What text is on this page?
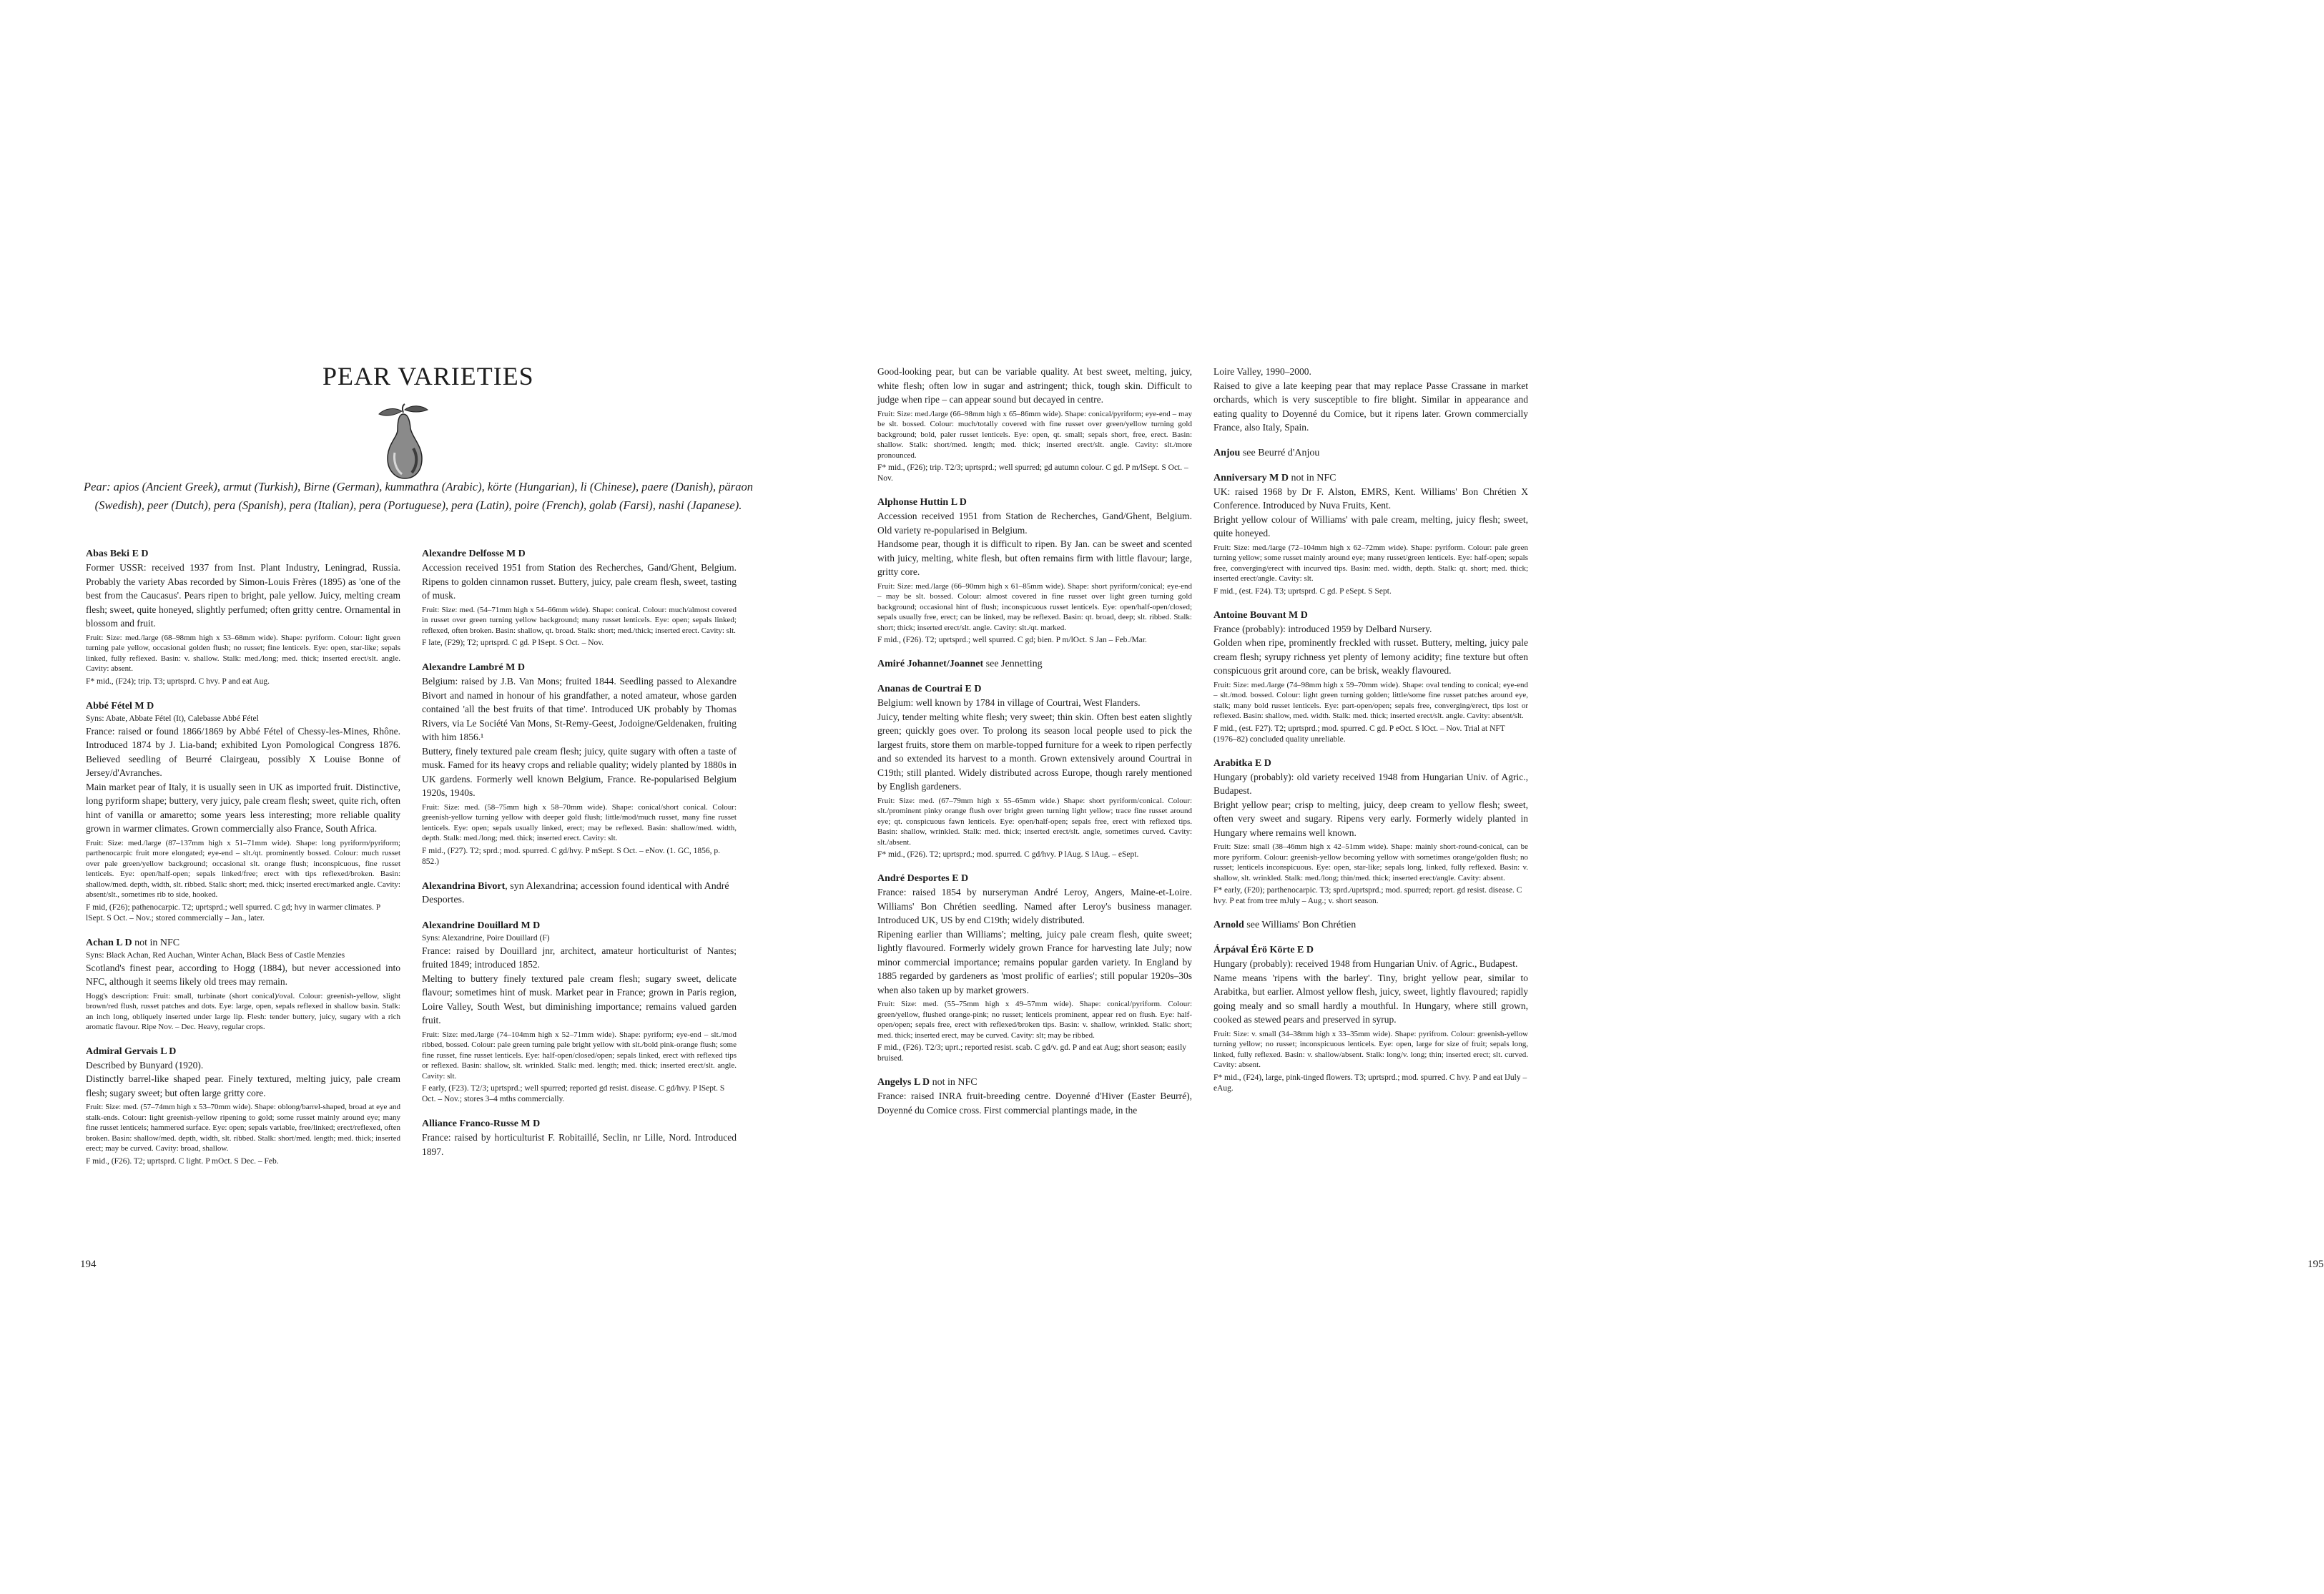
PEAR VARIETIES

Pear: apios (Ancient Greek), armut (Turkish), Birne (German), kummathra (Arabic), körte (Hungarian), li (Chinese), paere (Danish), päraon (Swedish), peer (Dutch), pera (Spanish), pera (Italian), pera (Portuguese), pera (Latin), poire (French), golab (Farsi), nashi (Japanese).

Abas Beki E D

Former USSR: received 1937 from Inst. Plant Industry, Leningrad, Russia. Probably the variety Abas recorded by Simon-Louis Frères (1895) as 'one of the best from the Caucasus'. Pears ripen to bright, pale yellow. Juicy, melting cream flesh; sweet, quite honeyed, slightly perfumed; often gritty centre. Ornamental in blossom and fruit.

Fruit: Size: med./large (68–98mm high x 53–68mm wide). Shape: pyriform. Colour: light green turning pale yellow, occasional golden flush; no russet; fine lenticels. Eye: open, star-like; sepals linked, fully reflexed. Basin: v. shallow. Stalk: med./long; med. thick; inserted erect/slt. angle. Cavity: absent.

F* mid., (F24); trip. T3; uprtsprd. C hvy. P and eat Aug.

Abbé Fétel M D

Syns: Abate, Abbate Fétel (It), Calebasse Abbé Fétel

France: raised or found 1866/1869 by Abbé Fétel of Chessy-les-Mines, Rhône. Introduced 1874 by J. Lia-band; exhibited Lyon Pomological Congress 1876. Believed seedling of Beurré Clairgeau, possibly X Louise Bonne of Jersey/d'Avranches.

Main market pear of Italy, it is usually seen in UK as imported fruit. Distinctive, long pyriform shape; buttery, very juicy, pale cream flesh; sweet, quite rich, often hint of vanilla or amaretto; some years less interesting; more reliable quality grown in warmer climates. Grown commercially also France, South Africa.

Fruit: Size: med./large (87–137mm high x 51–71mm wide). Shape: long pyriform/pyriform; parthenocarpic fruit more elongated; eye-end – slt./qt. prominently bossed. Colour: much russet over pale green/yellow background; occasional slt. orange flush; inconspicuous, fine russet lenticels. Eye: open/half-open; sepals linked/free; erect with tips reflexed/broken. Basin: shallow/med. depth, width, slt. ribbed. Stalk: short; med. thick; inserted erect/marked angle. Cavity: absent/slt., sometimes rib to side, hooked.

F mid, (F26); pathenocarpic. T2; uprtsprd.; well spurred. C gd; hvy in warmer climates. P lSept. S Oct. – Nov.; stored commercially – Jan., later.

Achan L D not in NFC

Syns: Black Achan, Red Auchan, Winter Achan, Black Bess of Castle Menzies

Scotland's finest pear, according to Hogg (1884), but never accessioned into NFC, although it seems likely old trees may remain.

Hogg's description: Fruit: small, turbinate (short conical)/oval. Colour: greenish-yellow, slight brown/red flush, russet patches and dots. Eye: large, open, sepals reflexed in shallow basin. Stalk: an inch long, obliquely inserted under large lip. Flesh: tender buttery, juicy, sugary with a rich aromatic flavour. Ripe Nov. – Dec. Heavy, regular crops.

Admiral Gervais L D

Described by Bunyard (1920).

Distinctly barrel-like shaped pear. Finely textured, melting juicy, pale cream flesh; sugary sweet; but often large gritty core.

Fruit: Size: med. (57–74mm high x 53–70mm wide). Shape: oblong/barrel-shaped, broad at eye and stalk-ends. Colour: light greenish-yellow ripening to gold; some russet mainly around eye; many fine russet lenticels; hammered surface. Eye: open; sepals variable, free/linked; erect/reflexed, often broken. Basin: shallow/med. depth, width, slt. ribbed. Stalk: short/med. length; med. thick; inserted erect; may be curved. Cavity: broad, shallow.

F mid., (F26). T2; uprtsprd. C light. P mOct. S Dec. – Feb.

Alexandre Delfosse M D

Accession received 1951 from Station des Recherches, Gand/Ghent, Belgium. Ripens to golden cinnamon russet. Buttery, juicy, pale cream flesh, sweet, tasting of musk.

Fruit: Size: med. (54–71mm high x 54–66mm wide). Shape: conical. Colour: much/almost covered in russet over green turning yellow background; many russet lenticels. Eye: open; sepals linked; reflexed, often broken. Basin: shallow, qt. broad. Stalk: short; med./thick; inserted erect. Cavity: slt.

F late, (F29); T2; uprtsprd. C gd. P lSept. S Oct. – Nov.

Alexandre Lambré M D

Belgium: raised by J.B. Van Mons; fruited 1844. Seedling passed to Alexandre Bivort and named in honour of his grandfather, a noted amateur, whose garden contained 'all the best fruits of that time'. Introduced UK probably by Thomas Rivers, via Le Société Van Mons, St-Remy-Geest, Jodoigne/Geldenaken, fruiting with him 1856.¹

Buttery, finely textured pale cream flesh; juicy, quite sugary with often a taste of musk. Famed for its heavy crops and reliable quality; widely planted by 1880s in UK gardens. Formerly well known Belgium, France. Re-popularised Belgium 1920s, 1940s.

Fruit: Size: med. (58–75mm high x 58–70mm wide). Shape: conical/short conical. Colour: greenish-yellow turning yellow with deeper gold flush; little/mod/much russet, many fine russet lenticels. Eye: open; sepals usually linked, erect; may be reflexed. Basin: shallow/med. width, depth. Stalk: med./long; med. thick; inserted erect. Cavity: slt.

F mid., (F27). T2; sprd.; mod. spurred. C gd/hvy. P mSept. S Oct. – eNov. (1. GC, 1856, p. 852.)

Alexandrina Bivort, syn Alexandrina; accession found identical with André Desportes.

Alexandrine Douillard M D

Syns: Alexandrine, Poire Douillard (F)

France: raised by Douillard jnr, architect, amateur horticulturist of Nantes; fruited 1849; introduced 1852.

Melting to buttery finely textured pale cream flesh; sugary sweet, delicate flavour; sometimes hint of musk. Market pear in France; grown in Paris region, Loire Valley, South West, but diminishing importance; remains valued garden fruit.

Fruit: Size: med./large (74–104mm high x 52–71mm wide). Shape: pyriform; eye-end – slt./mod ribbed, bossed. Colour: pale green turning pale bright yellow with slt./bold pink-orange flush; some fine russet, fine russet lenticels. Eye: half-open/closed/open; sepals linked, erect with reflexed tips or reflexed. Basin: shallow, slt. wrinkled. Stalk: med. length; med. thick; inserted erect/slt. angle. Cavity: slt.

F early, (F23). T2/3; uprtsprd.; well spurred; reported gd resist. disease. C gd/hvy. P lSept. S Oct. – Nov.; stores 3–4 mths commercially.

Alliance Franco-Russe M D

France: raised by horticulturist F. Robitaillé, Seclin, nr Lille, Nord. Introduced 1897.

194

Good-looking pear, but can be variable quality. At best sweet, melting, juicy, white flesh; often low in sugar and astringent; thick, tough skin. Difficult to judge when ripe – can appear sound but decayed in centre.

Fruit: Size: med./large (66–98mm high x 65–86mm wide). Shape: conical/pyriform; eye-end – may be slt. bossed. Colour: much/totally covered with fine russet over green/yellow turning gold background; bold, paler russet lenticels. Eye: open, qt. small; sepals short, free, erect. Basin: shallow. Stalk: short/med. length; med. thick; inserted erect/slt. angle. Cavity: slt./more pronounced.

F* mid., (F26); trip. T2/3; uprtsprd.; well spurred; gd autumn colour. C gd. P m/lSept. S Oct. – Nov.

Alphonse Huttin L D

Accession received 1951 from Station de Recherches, Gand/Ghent, Belgium. Old variety re-popularised in Belgium.

Handsome pear, though it is difficult to ripen. By Jan. can be sweet and scented with juicy, melting, white flesh, but often remains firm with little flavour; large, gritty core.

Fruit: Size: med./large (66–90mm high x 61–85mm wide). Shape: short pyriform/conical; eye-end – may be slt. bossed. Colour: almost covered in fine russet over light green turning gold background; occasional hint of flush; inconspicuous russet lenticels. Eye: open/half-open/closed; sepals usually free, erect; can be linked, may be reflexed. Basin: qt. broad, deep; slt. ribbed. Stalk: short; thick; inserted erect/slt. angle. Cavity: slt./qt. marked.

F mid., (F26). T2; uprtsprd.; well spurred. C gd; bien. P m/lOct. S Jan – Feb./Mar.

Amiré Johannet/Joannet see Jennetting

Ananas de Courtrai E D

Belgium: well known by 1784 in village of Courtrai, West Flanders.

Juicy, tender melting white flesh; very sweet; thin skin. Often best eaten slightly green; quickly goes over. To prolong its season local people used to pick the largest fruits, store them on marble-topped furniture for a week to ripen perfectly and so extended its harvest to a month. Grown extensively around Courtrai in C19th; still planted. Widely distributed across Europe, though rarely mentioned by English gardeners.

Fruit: Size: med. (67–79mm high x 55–65mm wide.) Shape: short pyriform/conical. Colour: slt./prominent pinky orange flush over bright green turning light yellow; trace fine russet around eye; qt. conspicuous fawn lenticels. Eye: open/half-open; sepals free, erect with reflexed tips. Basin: shallow, wrinkled. Stalk: med. thick; inserted erect/slt. angle, sometimes curved. Cavity: slt./absent.

F* mid., (F26). T2; uprtsprd.; mod. spurred. C gd/hvy. P lAug. S lAug. – eSept.

André Desportes E D

France: raised 1854 by nurseryman André Leroy, Angers, Maine-et-Loire. Williams' Bon Chrétien seedling. Named after Leroy's business manager. Introduced UK, US by end C19th; widely distributed.

Ripening earlier than Williams'; melting, juicy pale cream flesh, quite sweet; lightly flavoured. Formerly widely grown France for harvesting late July; now minor commercial importance; remains popular garden variety. In England by 1885 regarded by gardeners as 'most prolific of earlies'; still popular 1920s–30s when also taken up by market growers.

Fruit: Size: med. (55–75mm high x 49–57mm wide). Shape: conical/pyriform. Colour: green/yellow, flushed orange-pink; no russet; lenticels prominent, appear red on flush. Eye: half-open/open; sepals free, erect with reflexed/broken tips. Basin: v. shallow, wrinkled. Stalk: short; med. thick; inserted erect, may be curved. Cavity: slt; may be ribbed.

F mid., (F26). T2/3; uprt.; reported resist. scab. C gd/v. gd. P and eat Aug; short season; easily bruised.

Angelys L D not in NFC

France: raised INRA fruit-breeding centre. Doyenné d'Hiver (Easter Beurré), Doyenné du Comice cross. First commercial plantings made, in the

Loire Valley, 1990–2000.

Raised to give a late keeping pear that may replace Passe Crassane in market orchards, which is very susceptible to fire blight. Similar in appearance and eating quality to Doyenné du Comice, but it ripens later. Grown commercially France, also Italy, Spain.

Anjou see Beurré d'Anjou

Anniversary M D not in NFC

UK: raised 1968 by Dr F. Alston, EMRS, Kent. Williams' Bon Chrétien X Conference. Introduced by Nuva Fruits, Kent.

Bright yellow colour of Williams' with pale cream, melting, juicy flesh; sweet, quite honeyed.

Fruit: Size: med./large (72–104mm high x 62–72mm wide). Shape: pyriform. Colour: pale green turning yellow; some russet mainly around eye; many russet/green lenticels. Eye: half-open; sepals free, converging/erect with incurved tips. Basin: med. width, depth. Stalk: qt. short; med. thick; inserted erect/angle. Cavity: slt.

F mid., (est. F24). T3; uprtsprd. C gd. P eSept. S Sept.

Antoine Bouvant M D

France (probably): introduced 1959 by Delbard Nursery.

Golden when ripe, prominently freckled with russet. Buttery, melting, juicy pale cream flesh; syrupy richness yet plenty of lemony acidity; fine texture but often conspicuous grit around core, can be brisk, weakly flavoured.

Fruit: Size: med./large (74–98mm high x 59–70mm wide). Shape: oval tending to conical; eye-end – slt./mod. bossed. Colour: light green turning golden; little/some fine russet patches around eye, stalk; many bold russet lenticels. Eye: part-open/open; sepals free, converging/erect, tips lost or reflexed. Basin: shallow, med. width. Stalk: med. thick; inserted erect/slt. angle. Cavity: absent/slt.

F mid., (est. F27). T2; uprtsprd.; mod. spurred. C gd. P eOct. S lOct. – Nov. Trial at NFT (1976–82) concluded quality unreliable.

Arabitka E D

Hungary (probably): old variety received 1948 from Hungarian Univ. of Agric., Budapest.

Bright yellow pear; crisp to melting, juicy, deep cream to yellow flesh; sweet, often very sweet and sugary. Ripens very early. Formerly widely planted in Hungary where remains well known.

Fruit: Size: small (38–46mm high x 42–51mm wide). Shape: mainly short-round-conical, can be more pyriform. Colour: greenish-yellow becoming yellow with sometimes orange/golden flush; no russet; lenticels inconspicuous. Eye: open, star-like; sepals long, linked, fully reflexed. Basin: v. shallow, slt. wrinkled. Stalk: med./long; thin/med. thick; inserted erect/angle. Cavity: absent.

F* early, (F20); parthenocarpic. T3; sprd./uprtsprd.; mod. spurred; report. gd resist. disease. C hvy. P eat from tree mJuly – Aug.; v. short season.

Arnold see Williams' Bon Chrétien

Árpával Érö Körte E D

Hungary (probably): received 1948 from Hungarian Univ. of Agric., Budapest.

Name means 'ripens with the barley'. Tiny, bright yellow pear, similar to Arabitka, but earlier. Almost yellow flesh, juicy, sweet, lightly flavoured; rapidly going mealy and so small hardly a mouthful. In Hungary, where still grown, cooked as stewed pears and preserved in syrup.

Fruit: Size: v. small (34–38mm high x 33–35mm wide). Shape: pyrifrom. Colour: greenish-yellow turning yellow; no russet; inconspicuous lenticels. Eye: open, large for size of fruit; sepals long, linked, fully reflexed. Basin: v. shallow/absent. Stalk: long/v. long; thin; inserted erect; slt. curved. Cavity: absent.

F* mid., (F24), large, pink-tinged flowers. T3; uprtsprd.; mod. spurred. C hvy. P and eat lJuly – eAug.

195
